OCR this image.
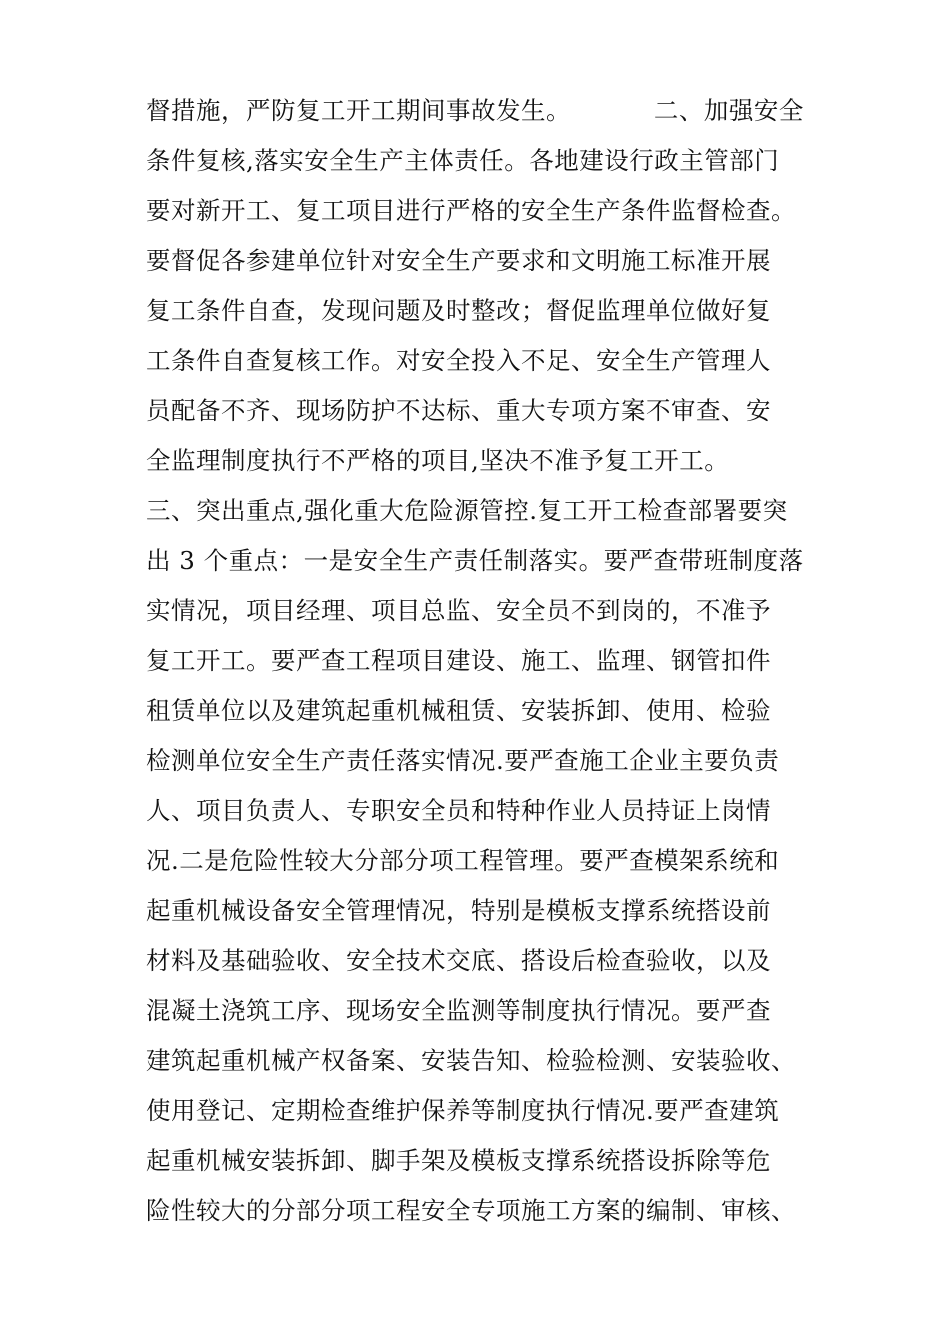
督措施，严防复工开工期间事故发生。          二、加强安全
条件复核,落实安全生产主体责任。各地建设行政主管部门
要对新开工、复工项目进行严格的安全生产条件监督检查。
要督促各参建单位针对安全生产要求和文明施工标准开展
复工条件自查，发现问题及时整改；督促监理单位做好复
工条件自查复核工作。对安全投入不足、安全生产管理人
员配备不齐、现场防护不达标、重大专项方案不审查、安
全监理制度执行不严格的项目,坚决不准予复工开工。
三、突出重点,强化重大危险源管控.复工开工检查部署要突
出 3 个重点：一是安全生产责任制落实。要严查带班制度落
实情况，项目经理、项目总监、安全员不到岗的，不准予
复工开工。要严查工程项目建设、施工、监理、钢管扣件
租赁单位以及建筑起重机械租赁、安装拆卸、使用、检验
检测单位安全生产责任落实情况.要严查施工企业主要负责
人、项目负责人、专职安全员和特种作业人员持证上岗情
况.二是危险性较大分部分项工程管理。要严查模架系统和
起重机械设备安全管理情况，特别是模板支撑系统搭设前
材料及基础验收、安全技术交底、搭设后检查验收，以及
混凝土浇筑工序、现场安全监测等制度执行情况。要严查
建筑起重机械产权备案、安装告知、检验检测、安装验收、
使用登记、定期检查维护保养等制度执行情况.要严查建筑
起重机械安装拆卸、脚手架及模板支撑系统搭设拆除等危
险性较大的分部分项工程安全专项施工方案的编制、审核、
